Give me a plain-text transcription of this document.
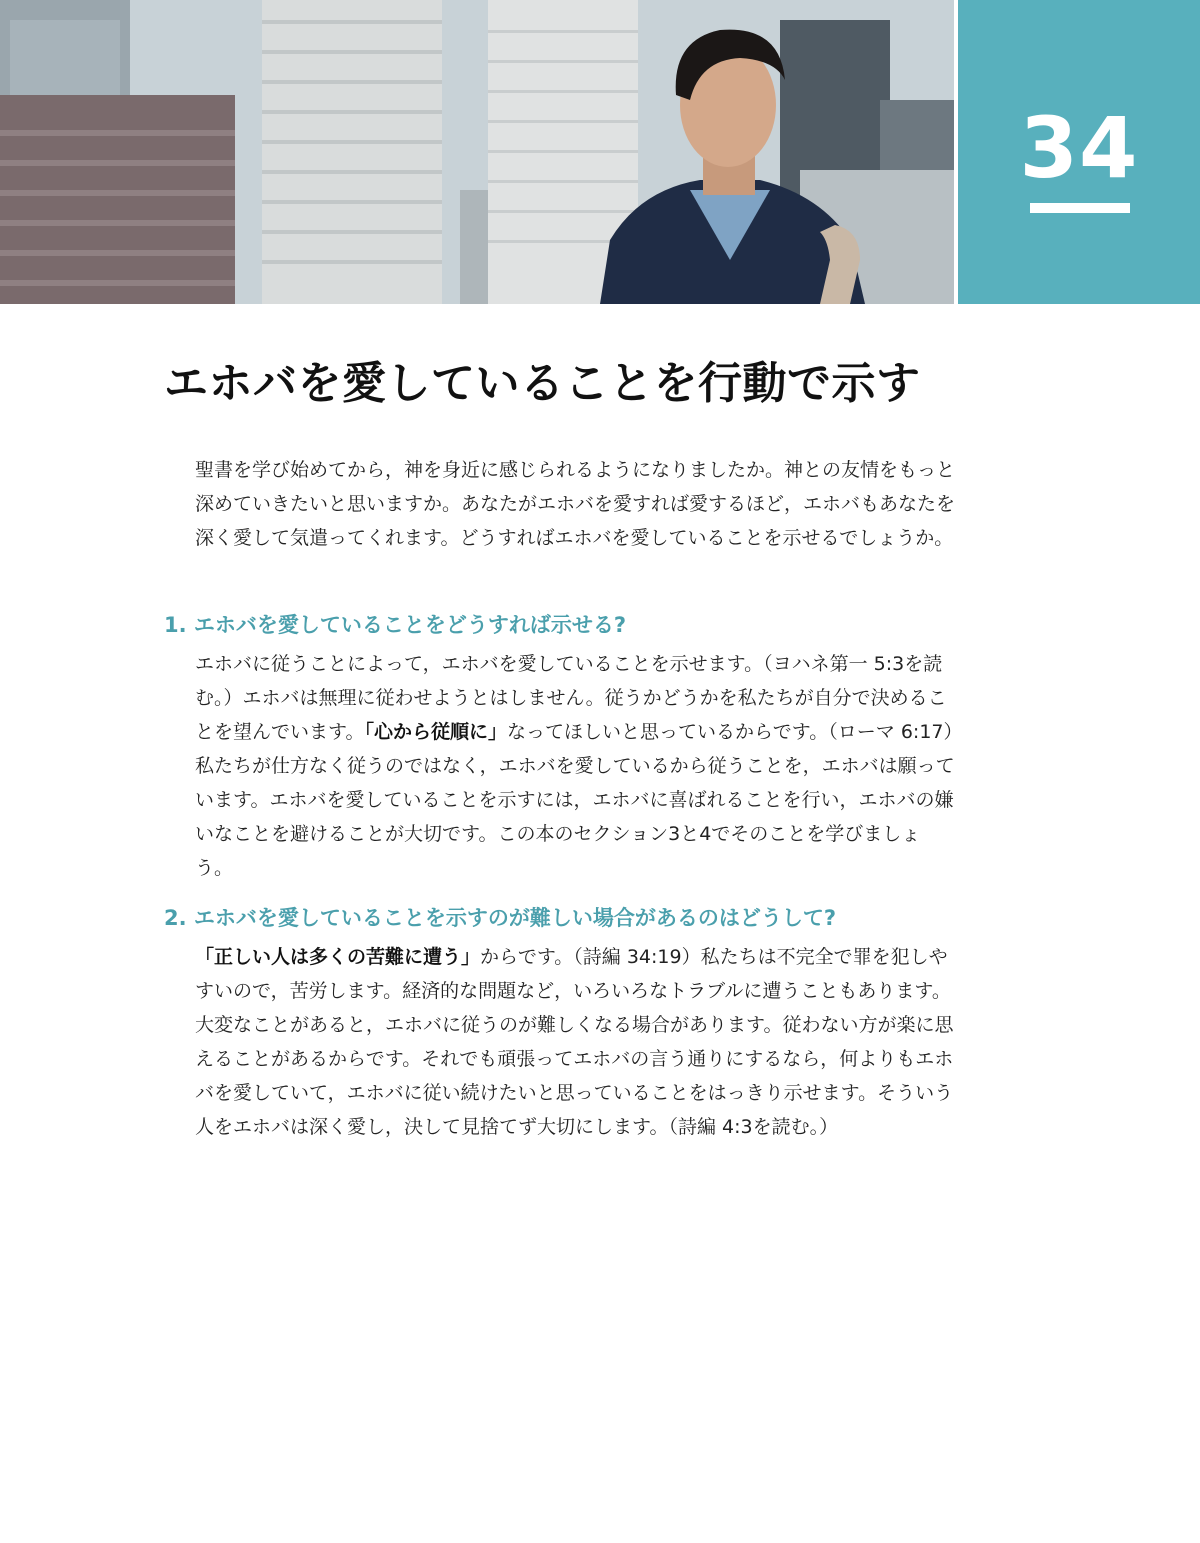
34
エホバを愛していることを行動で示す

聖書を学び始めてから，神を身近に感じられるようになりましたか。神との友情をもっと深めていきたいと思いますか。あなたがエホバを愛すれば愛するほど，エホバもあなたを深く愛して気遣ってくれます。どうすればエホバを愛していることを示せるでしょうか。

1. エホバを愛していることをどうすれば示せる?

エホバに従うことによって，エホバを愛していることを示せます。（ヨハネ第一 5:3を読む。）エホバは無理に従わせようとはしません。従うかどうかを私たちが自分で決めることを望んでいます。「心から従順に」なってほしいと思っているからです。（ローマ 6:17）私たちが仕方なく従うのではなく，エホバを愛しているから従うことを，エホバは願っています。エホバを愛していることを示すには，エホバに喜ばれることを行い，エホバの嫌いなことを避けることが大切です。この本のセクション3と4でそのことを学びましょう。

2. エホバを愛していることを示すのが難しい場合があるのはどうして?

「正しい人は多くの苦難に遭う」からです。（詩編 34:19）私たちは不完全で罪を犯しやすいので，苦労します。経済的な問題など，いろいろなトラブルに遭うこともあります。大変なことがあると，エホバに従うのが難しくなる場合があります。従わない方が楽に思えることがあるからです。それでも頑張ってエホバの言う通りにするなら，何よりもエホバを愛していて，エホバに従い続けたいと思っていることをはっきり示せます。そういう人をエホバは深く愛し，決して見捨てず大切にします。（詩編 4:3を読む。）
